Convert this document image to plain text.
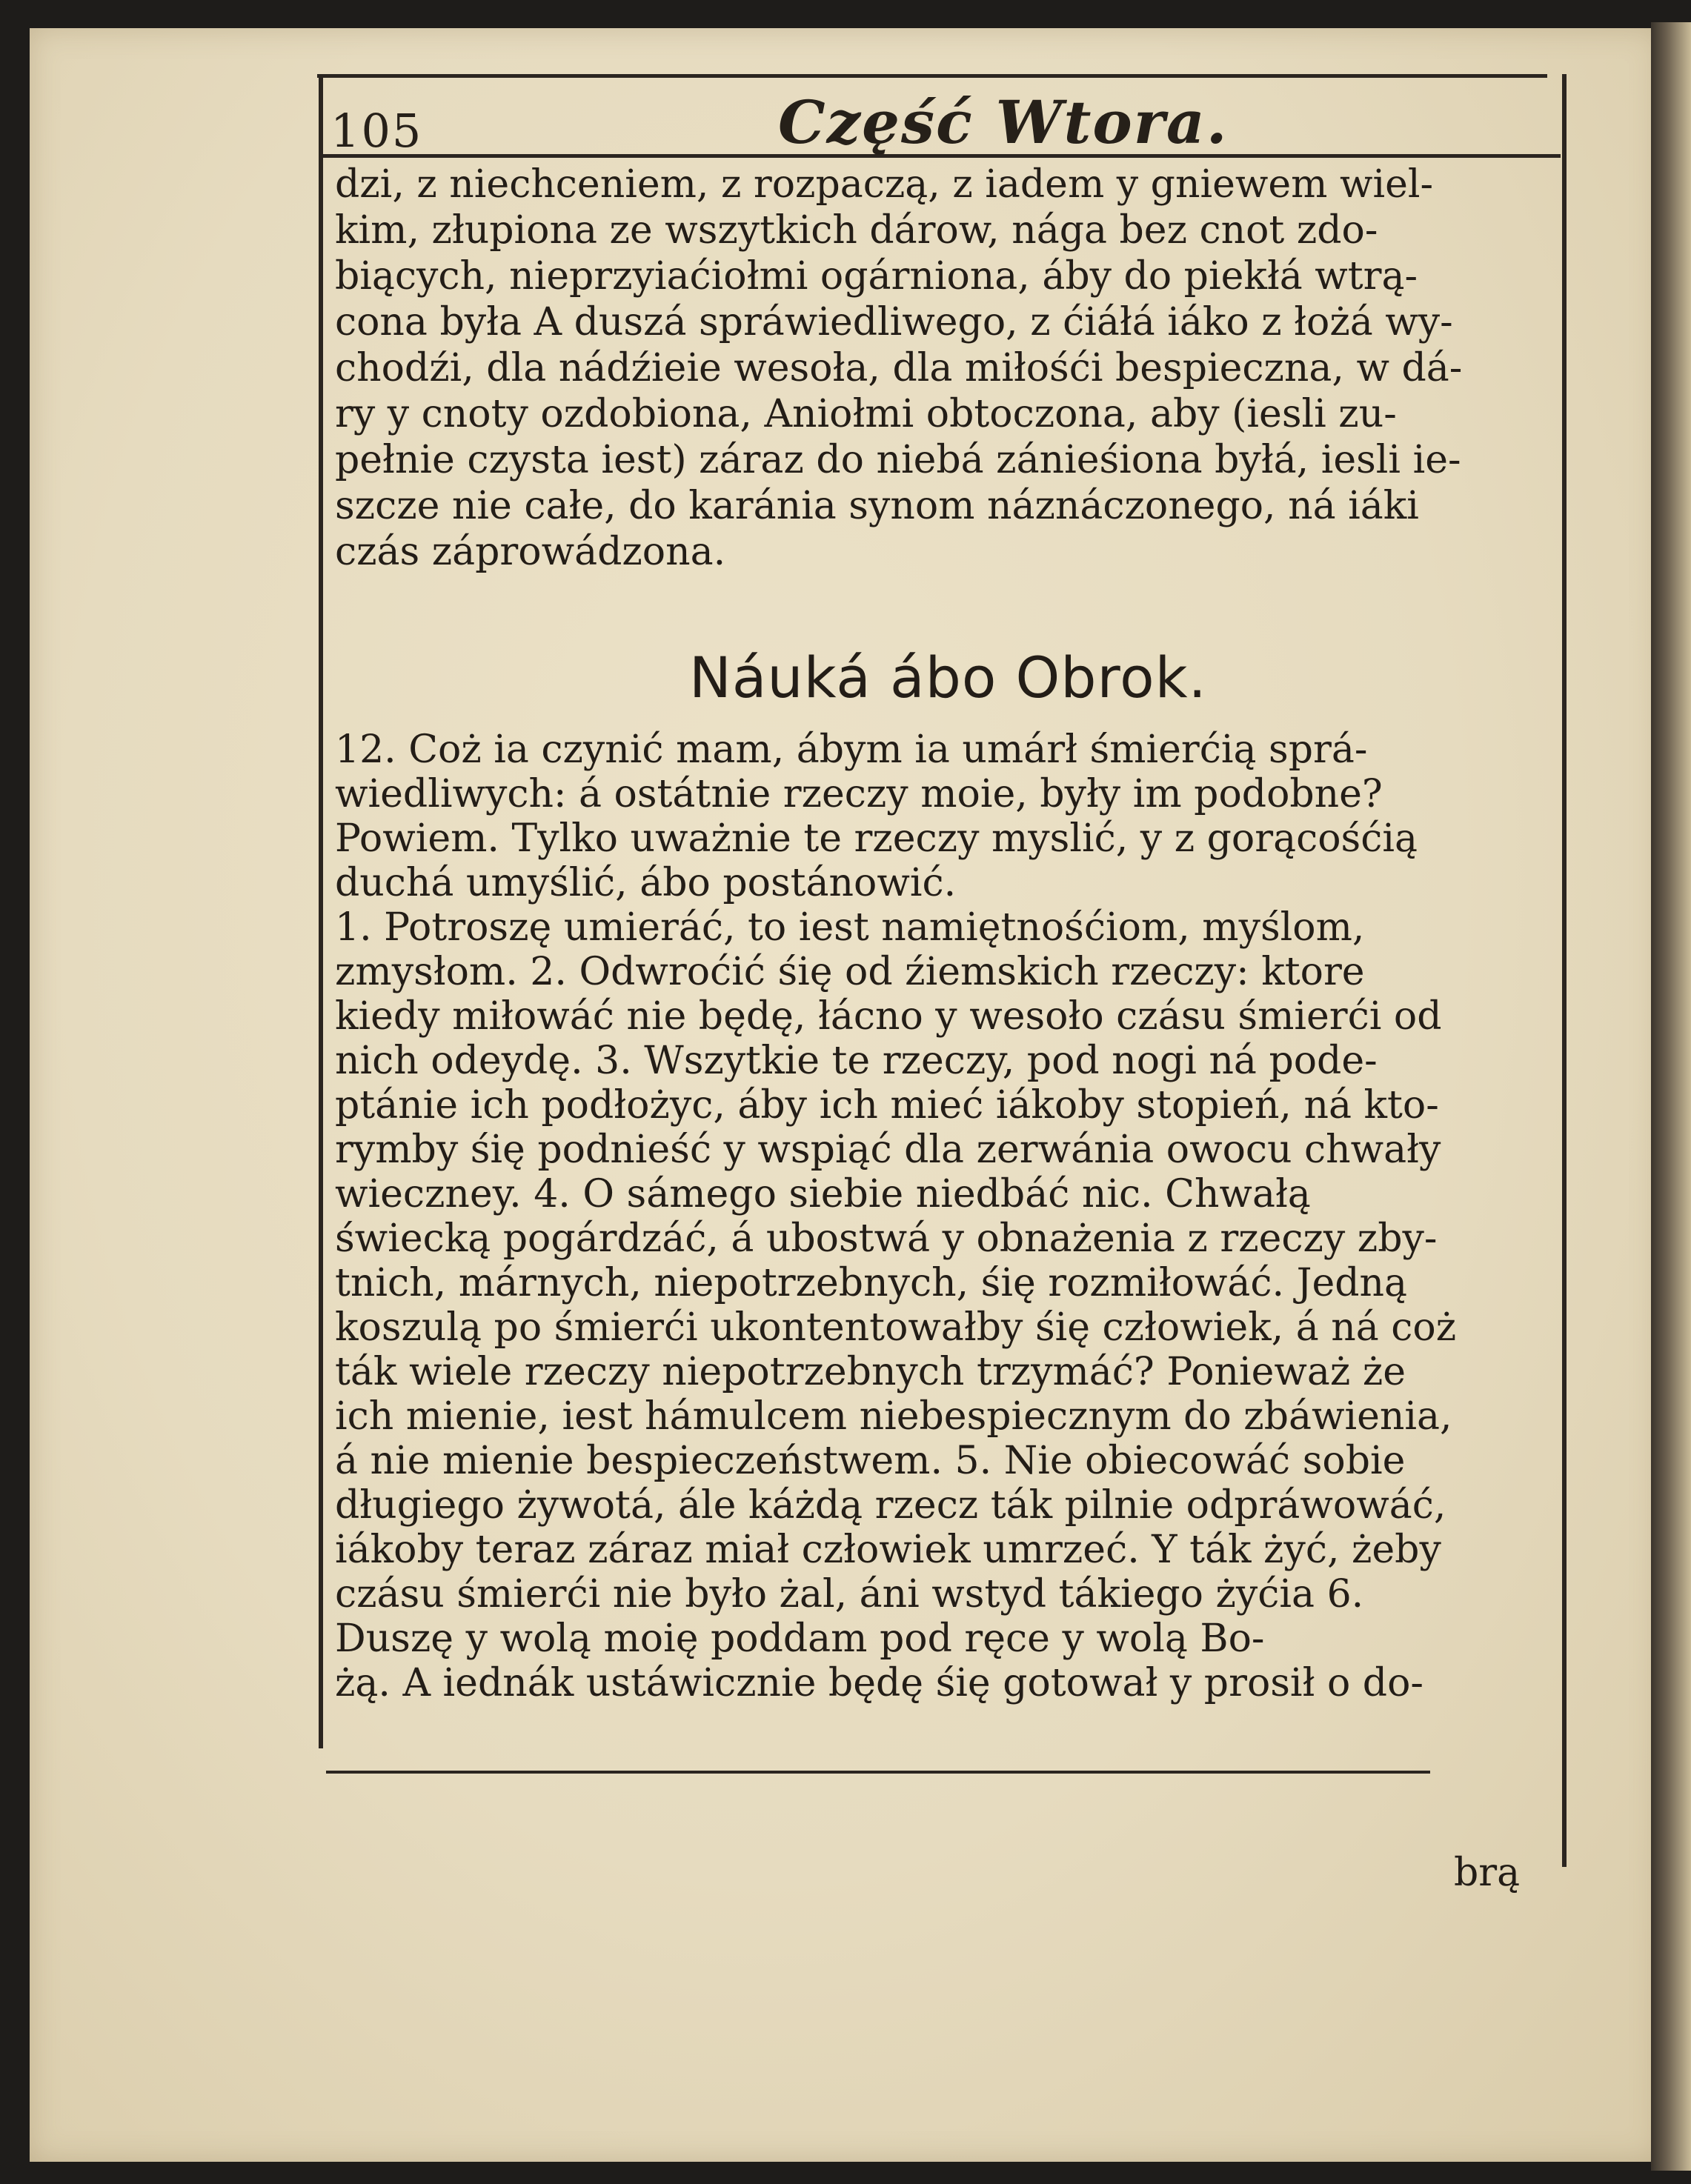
105	Część Wtora.
dzi, z niechceniem, z rozpaczą, z iadem y gniewem wiel-
kim, złupiona ze wszytkich dárow, nága bez cnot zdo-
biących, nieprzyiaćiołmi ogárniona, áby do piekłá wtrą-
cona była A duszá spráwiedliwego, z ćiáłá iáko z łożá wy-
chodźi, dla nádźieie wesoła, dla miłośći bespieczna, w dá-
ry y cnoty ozdobiona, Aniołmi obtoczona, aby (iesli zu-
pełnie czysta iest) záraz do niebá zánieśiona byłá, iesli ie-
szcze nie całe, do karánia synom náznáczonego, ná iáki
czás záprowádzona.
Náuká ábo Obrok.
12. Coż ia czynić mam, ábym ia umárł śmierćią sprá-
wiedliwych: á ostátnie rzeczy moie, były im podobne?
Powiem. Tylko uważnie te rzeczy myslić, y z gorącośćią
duchá umyślić, ábo postánowić.
1. Potroszę umieráć, to iest namiętnośćiom, myślom,
zmysłom. 2. Odwroćić śię od źiemskich rzeczy: ktore
kiedy miłowáć nie będę, łácno y wesoło czásu śmierći od
nich odeydę. 3. Wszytkie te rzeczy, pod nogi ná pode-
ptánie ich podłożyc, áby ich mieć iákoby stopień, ná kto-
rymby śię podnieść y wspiąć dla zerwánia owocu chwały
wieczney. 4. O sámego siebie niedbáć nic. Chwałą
świecką pogárdzáć, á ubostwá y obnażenia z rzeczy zby-
tnich, márnych, niepotrzebnych, śię rozmiłowáć. Jedną
koszulą po śmierći ukontentowałby śię człowiek, á ná coż
ták wiele rzeczy niepotrzebnych trzymáć? Ponieważ że
ich mienie, iest hámulcem niebespiecznym do zbáwienia,
á nie mienie bespieczeństwem. 5. Nie obiecowáć sobie
długiego żywotá, ále káżdą rzecz ták pilnie odpráwowáć,
iákoby teraz záraz miał człowiek umrzeć. Y ták żyć, żeby
czásu śmierći nie było żal, áni wstyd tákiego żyćia 6.
Duszę y wolą moię poddam pod ręce y wolą Bo-
żą. A iednák ustáwicznie będę śię gotował y prosił o do-
brą
